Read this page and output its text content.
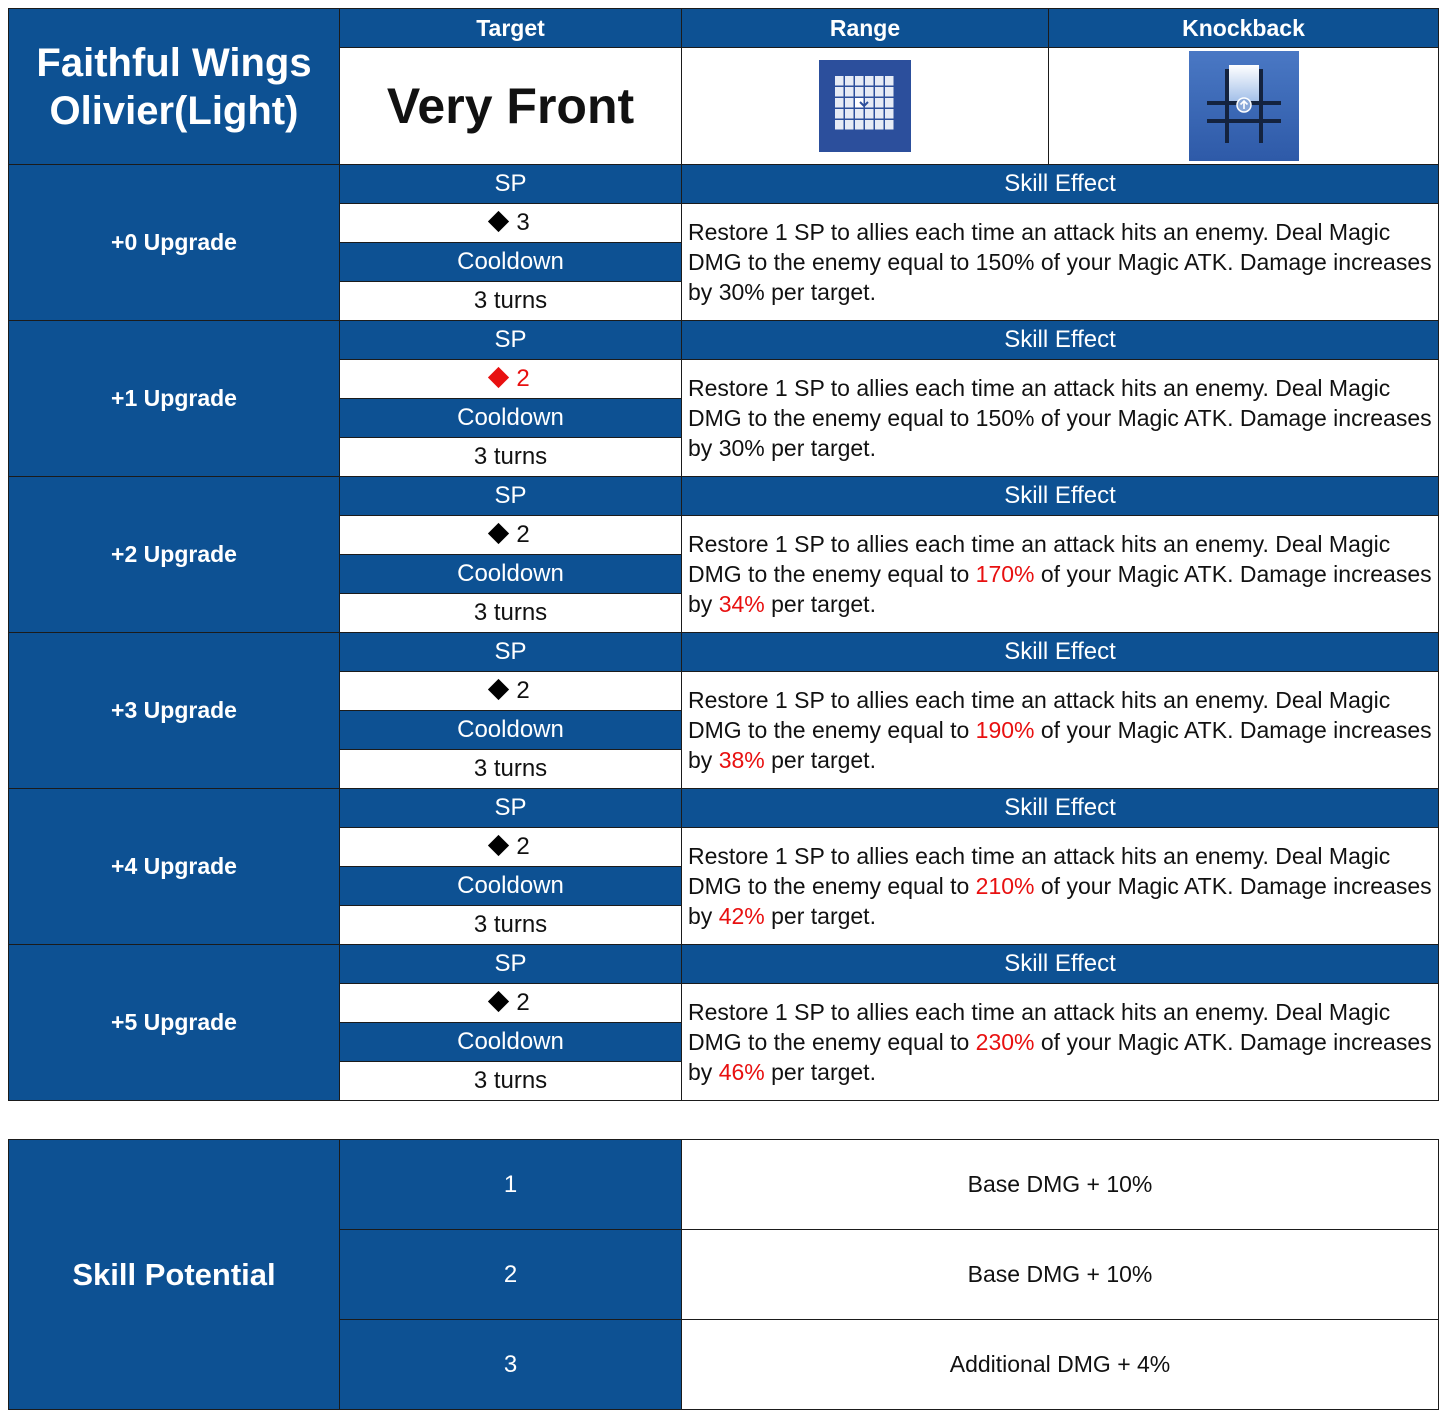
Faithful Wings
Olivier(Light)	Target	Range	Knockback
	Very Front	

+0 Upgrade	SP	Skill Effect	
	3	Restore 1 SP to allies each time an attack hits an enemy. Deal Magic DMG to the enemy equal to 150% of your Magic ATK. Damage increases by 30% per target.	
	Cooldown		
	3 turns		
+1 Upgrade	SP	Skill Effect	
	2	Restore 1 SP to allies each time an attack hits an enemy. Deal Magic DMG to the enemy equal to 150% of your Magic ATK. Damage increases by 30% per target.	
	Cooldown		
	3 turns		
+2 Upgrade	SP	Skill Effect	
	2	Restore 1 SP to allies each time an attack hits an enemy. Deal Magic DMG to the enemy equal to 170% of your Magic ATK. Damage increases by 34% per target.	
	Cooldown		
	3 turns		
+3 Upgrade	SP	Skill Effect	
	2	Restore 1 SP to allies each time an attack hits an enemy. Deal Magic DMG to the enemy equal to 190% of your Magic ATK. Damage increases by 38% per target.	
	Cooldown		
	3 turns		
+4 Upgrade	SP	Skill Effect	
	2	Restore 1 SP to allies each time an attack hits an enemy. Deal Magic DMG to the enemy equal to 210% of your Magic ATK. Damage increases by 42% per target.	
	Cooldown		
	3 turns		
+5 Upgrade	SP	Skill Effect	
	2	Restore 1 SP to allies each time an attack hits an enemy. Deal Magic DMG to the enemy equal to 230% of your Magic ATK. Damage increases by 46% per target.	
	Cooldown		
	3 turns		
Skill Potential	1	Base DMG + 10%
	2	Base DMG + 10%
	3	Additional DMG + 4%
